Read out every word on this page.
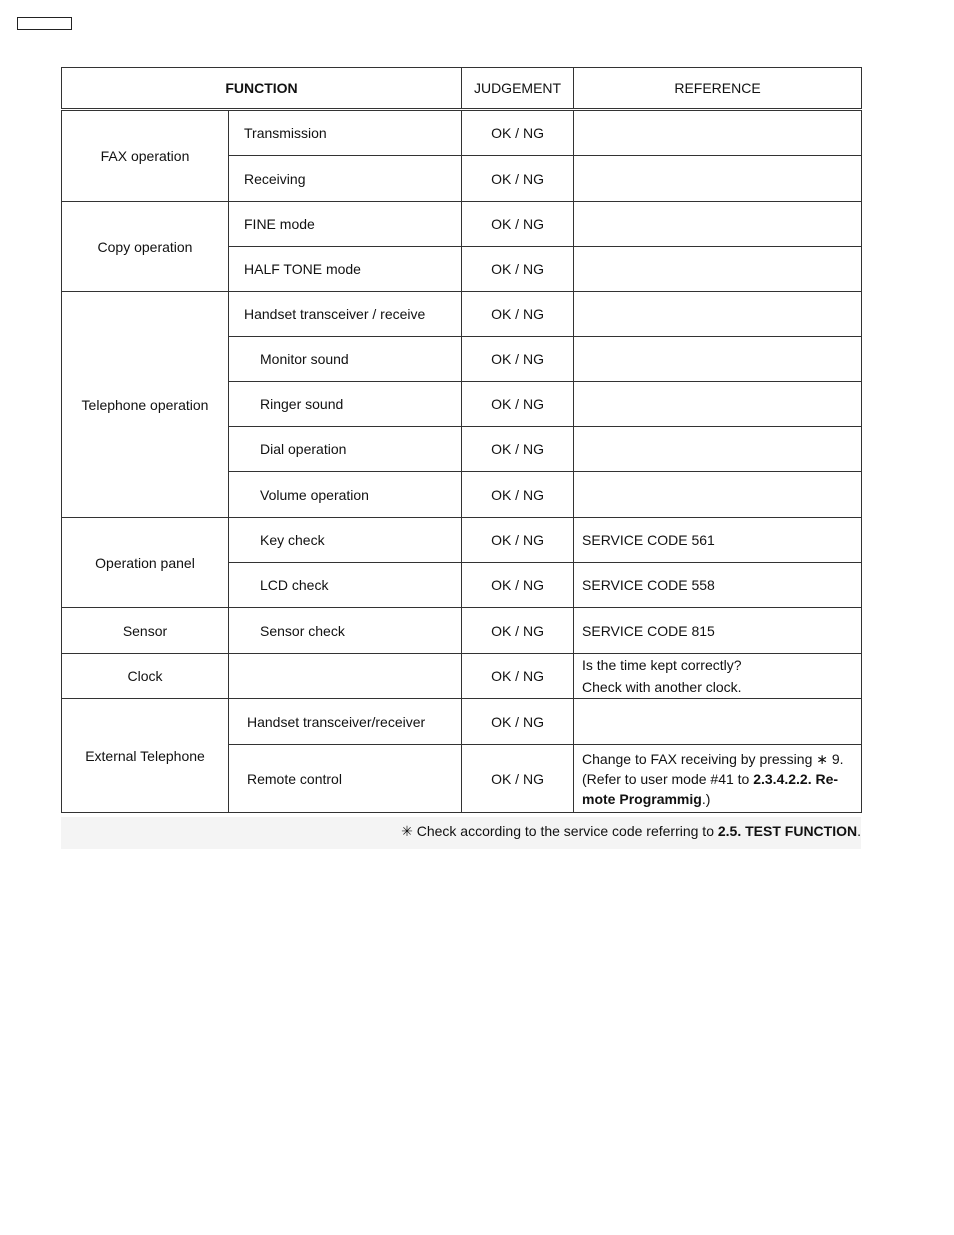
FUNCTION		JUDGEMENT	REFERENCE
FAX operation	Transmission	OK / NG	
	Receiving	OK / NG	
Copy operation	FINE mode	OK / NG	
	HALF TONE mode	OK / NG	
Telephone operation	Handset transceiver / receive	OK / NG	
	Monitor sound	OK / NG	
	Ringer sound	OK / NG	
	Dial operation	OK / NG	
	Volume operation	OK / NG	
Operation panel	Key check	OK / NG	SERVICE CODE 561
	LCD check	OK / NG	SERVICE CODE 558
Sensor	Sensor check	OK / NG	SERVICE CODE 815
Clock		OK / NG	Is the time kept correctly?
Check with another clock.

External Telephone	Handset transceiver/receiver	OK / NG	
	Remote control	OK / NG	Change to FAX receiving by pressing ∗ 9.
(Refer to user mode #41 to 2.3.4.2.2. Re-
mote Programmig.)
✳ Check according to the service code referring to 2.5. TEST FUNCTION.
